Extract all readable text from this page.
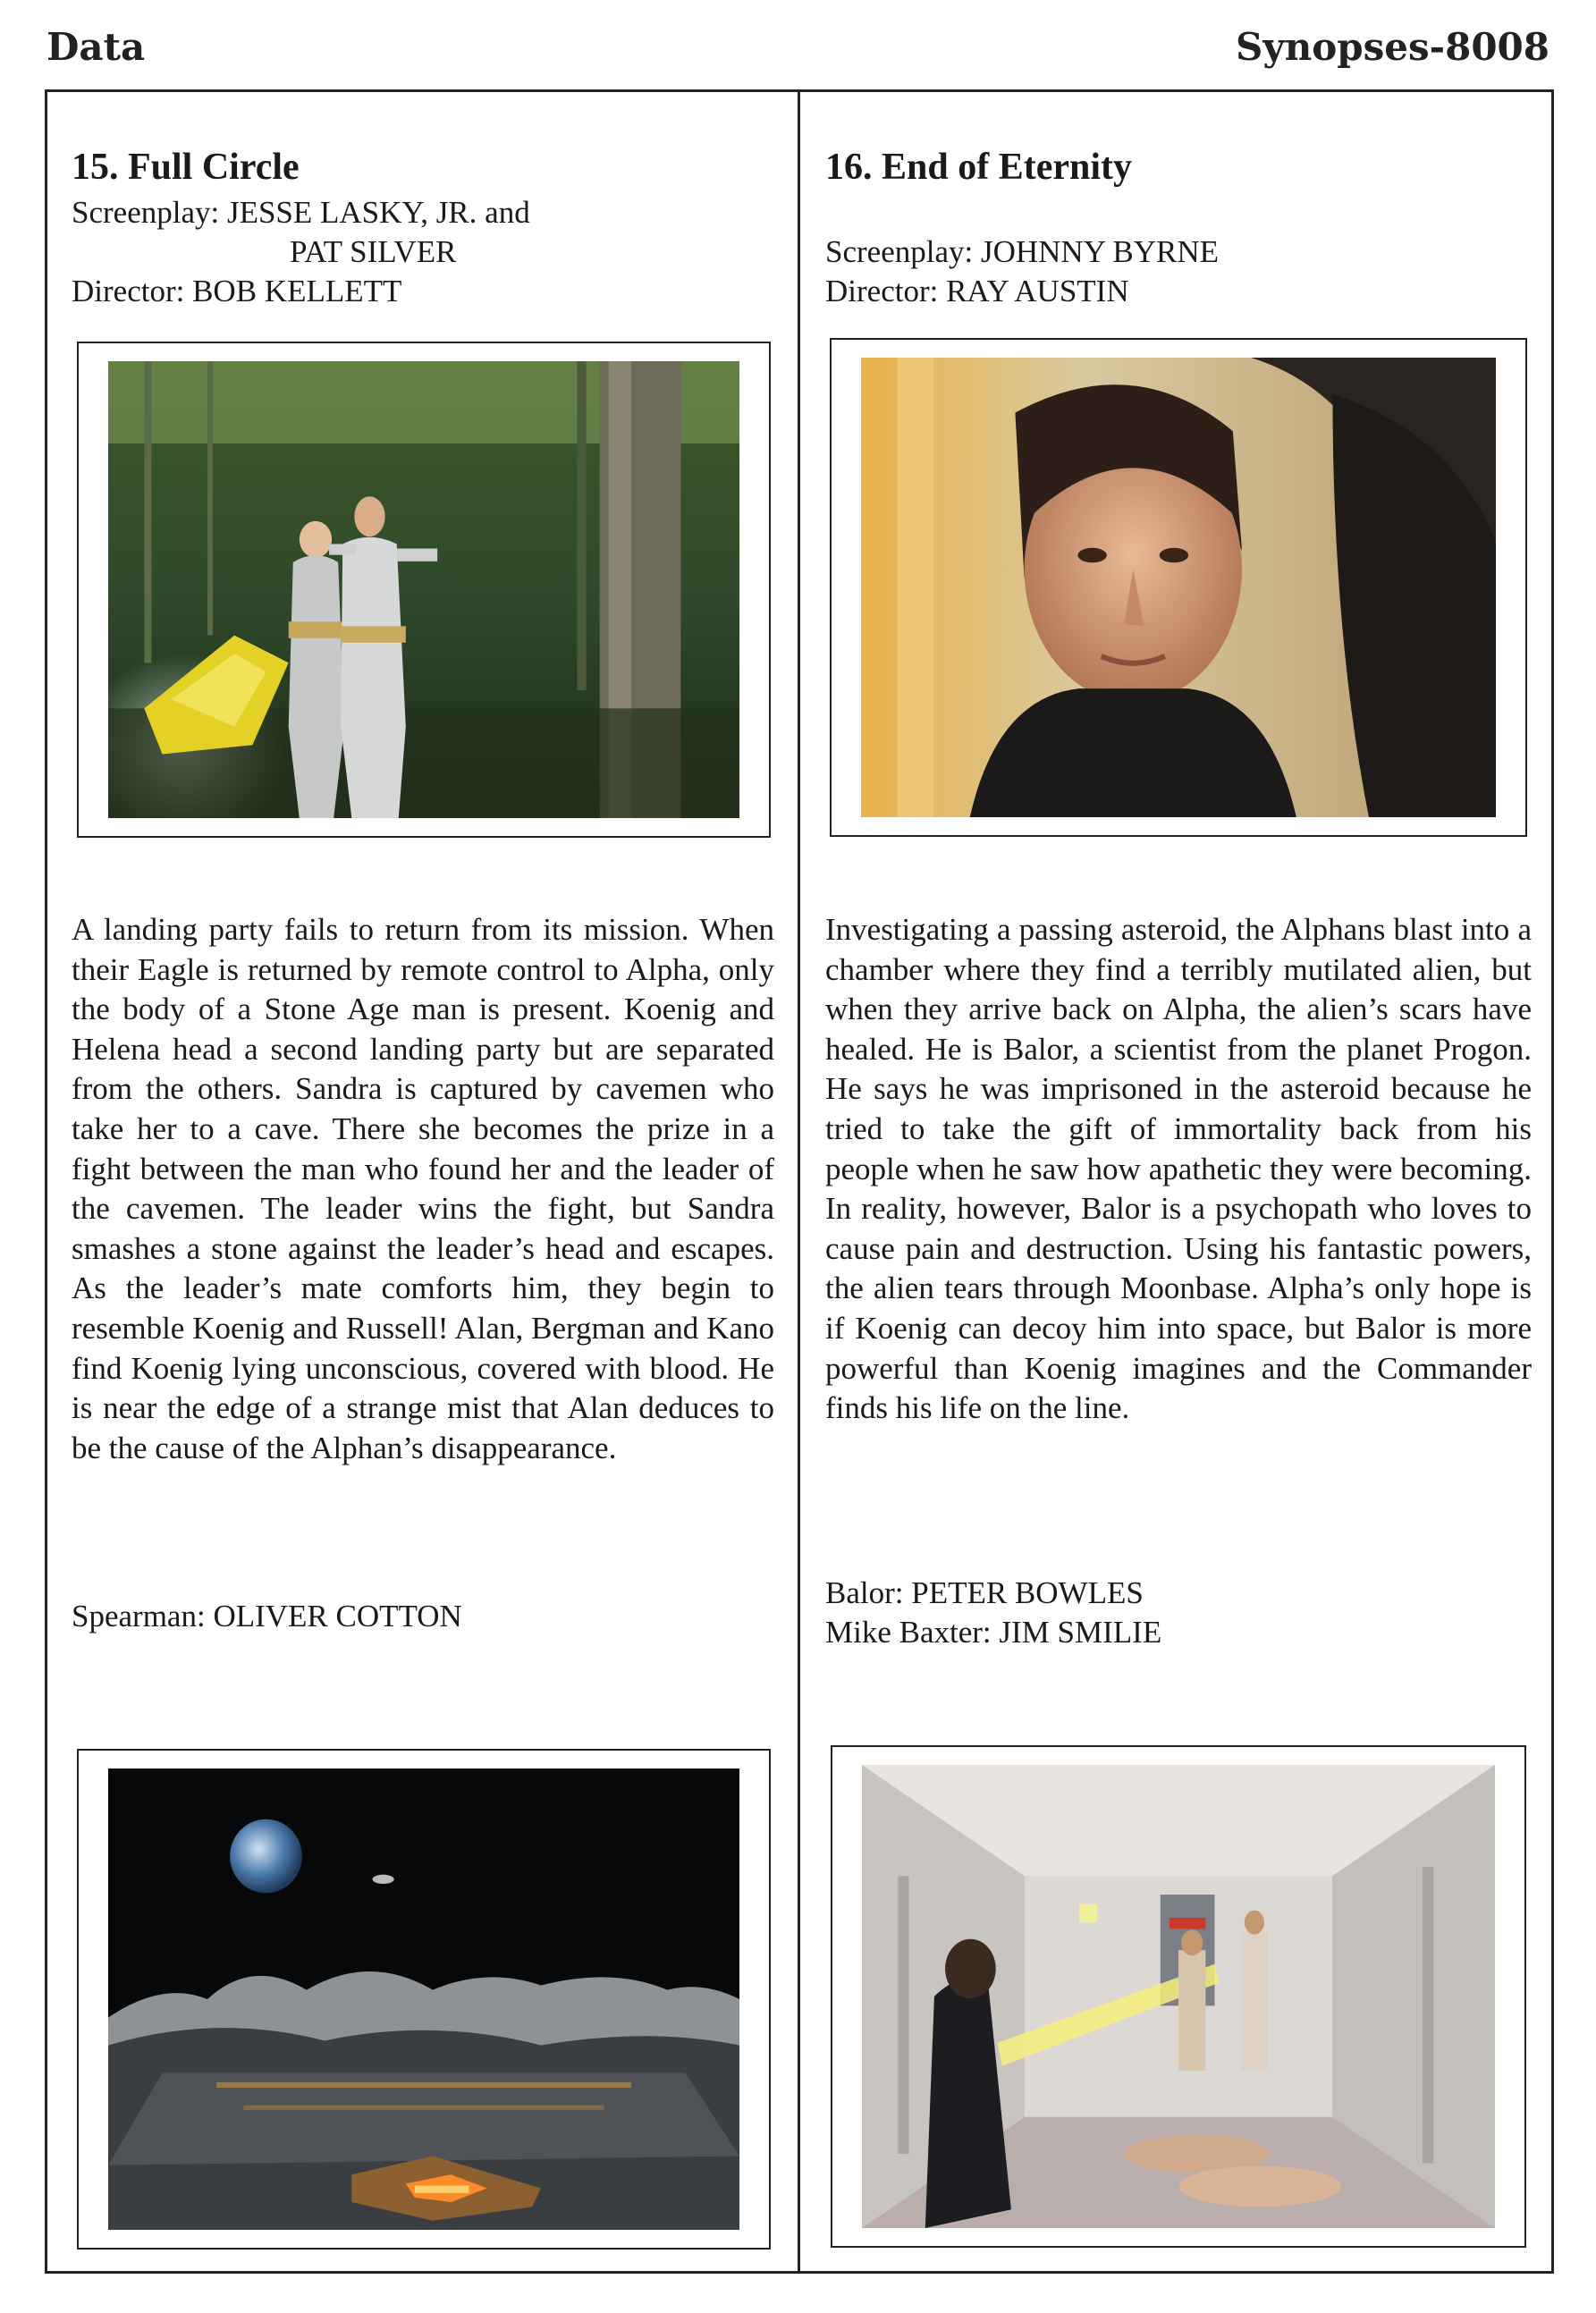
Data	Synopses-8008
15. Full Circle
Screenplay: JESSE LASKY, JR. and
PAT SILVER
Director: BOB KELLETT

A landing party fails to return from its mission. When their Eagle is returned by remote control to Alpha, only the body of a Stone Age man is present. Koenig and Helena head a second landing party but are separated from the others. Sandra is captured by cavemen who take her to a cave. There she becomes the prize in a fight between the man who found her and the leader of the cavemen. The leader wins the fight, but Sandra smashes a stone against the leader’s head and escapes. As the leader’s mate comforts him, they begin to resemble Koenig and Russell! Alan, Bergman and Kano find Koenig lying unconscious, covered with blood. He is near the edge of a strange mist that Alan deduces to be the cause of the Alphan’s disappearance.

Spearman: OLIVER COTTON
16. End of Eternity
Screenplay: JOHNNY BYRNE
Director: RAY AUSTIN

Investigating a passing asteroid, the Alphans blast into a chamber where they find a terribly mutilated alien, but when they arrive back on Alpha, the alien’s scars have healed. He is Balor, a scientist from the planet Progon. He says he was imprisoned in the asteroid because he tried to take the gift of immortality back from his people when he saw how apathetic they were becoming. In reality, however, Balor is a psychopath who loves to cause pain and destruction. Using his fantastic powers, the alien tears through Moonbase. Alpha’s only hope is if Koenig can decoy him into space, but Balor is more powerful than Koenig imagines and the Commander finds his life on the line.

Balor: PETER BOWLES
Mike Baxter: JIM SMILIE
